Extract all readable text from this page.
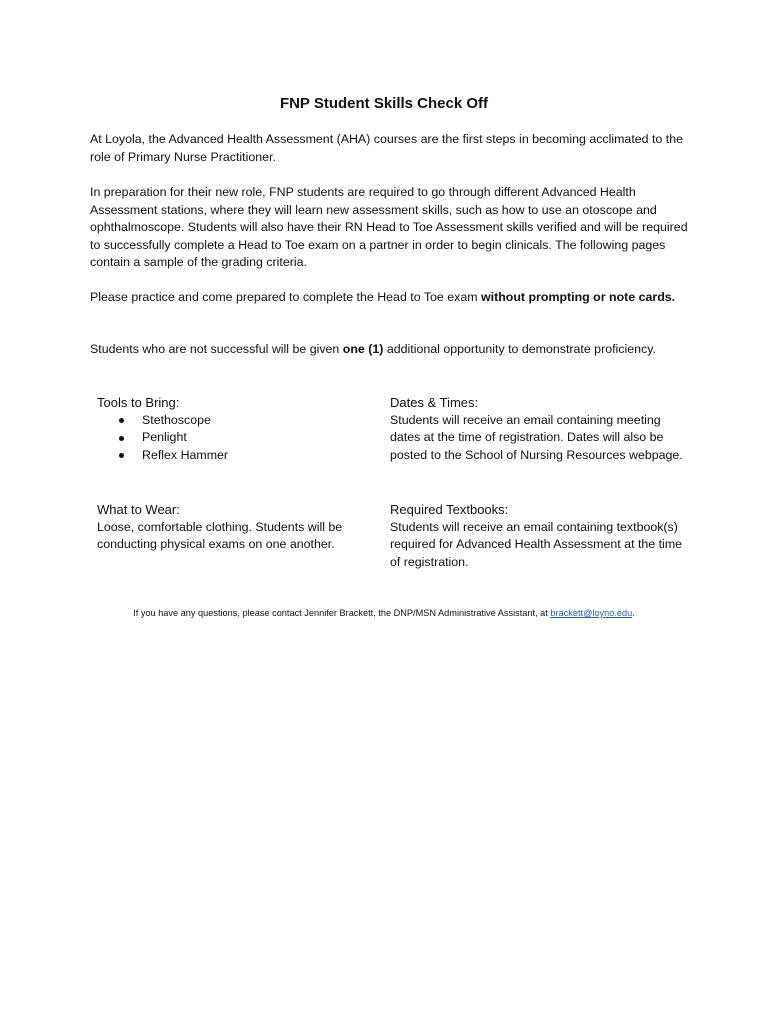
FNP Student Skills Check Off

At Loyola, the Advanced Health Assessment (AHA) courses are the first steps in becoming acclimated to the role of Primary Nurse Practitioner.

In preparation for their new role, FNP students are required to go through different Advanced Health Assessment stations, where they will learn new assessment skills, such as how to use an otoscope and ophthalmoscope. Students will also have their RN Head to Toe Assessment skills verified and will be required to successfully complete a Head to Toe exam on a partner in order to begin clinicals. The following pages contain a sample of the grading criteria.

Please practice and come prepared to complete the Head to Toe exam without prompting or note cards.

Students who are not successful will be given one (1) additional opportunity to demonstrate proficiency.

Tools to Bring:

Stethoscope
Penlight
Reflex Hammer

Dates & Times:

Students will receive an email containing meeting dates at the time of registration. Dates will also be posted to the School of Nursing Resources webpage.

What to Wear:

Loose, comfortable clothing. Students will be conducting physical exams on one another.

Required Textbooks:

Students will receive an email containing textbook(s) required for Advanced Health Assessment at the time of registration.

If you have any questions, please contact Jennifer Brackett, the DNP/MSN Administrative Assistant, at brackett@loyno.edu.
